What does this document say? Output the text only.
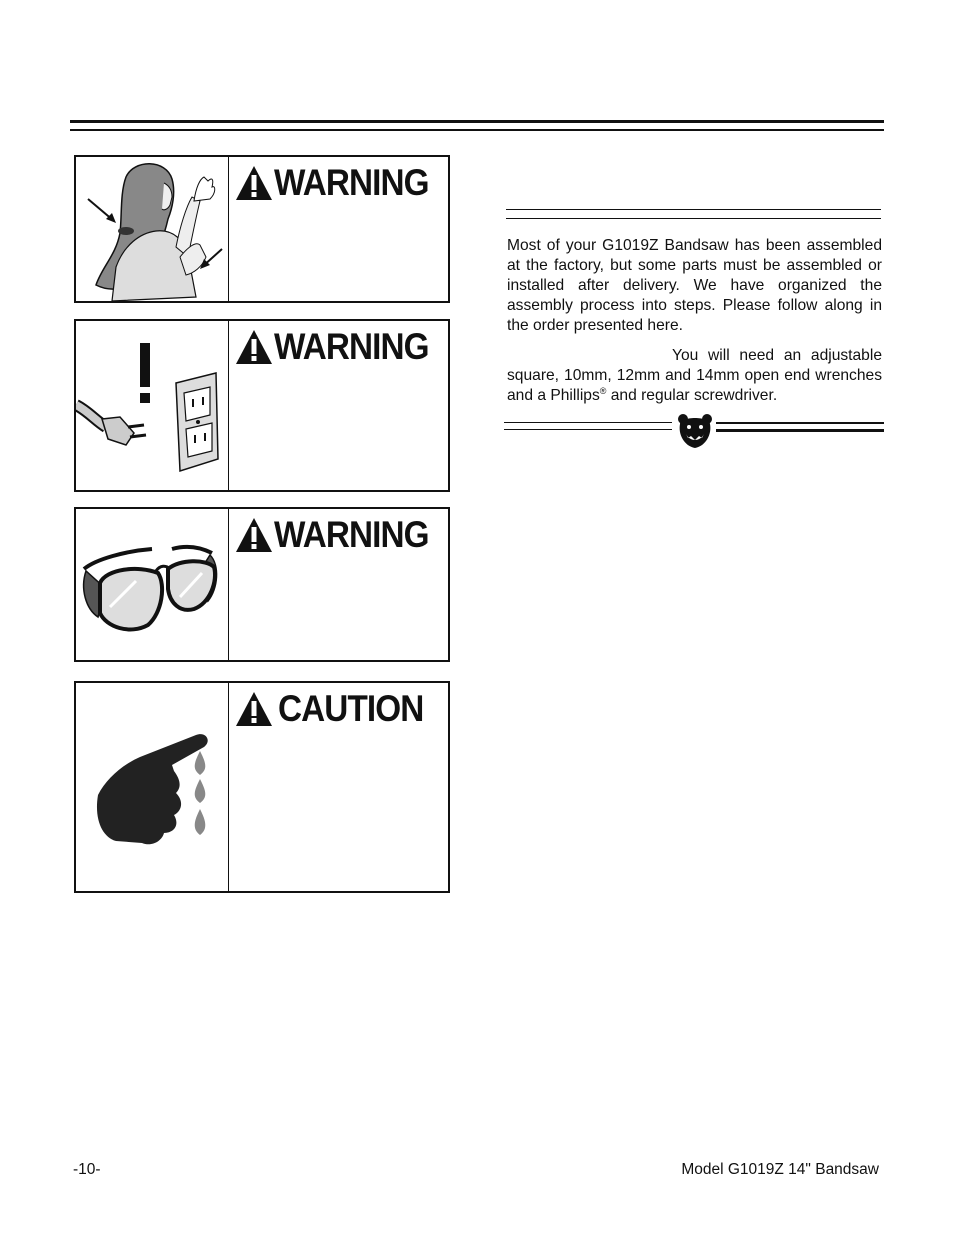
WARNING
WARNING
WARNING
CAUTION

Most of your G1019Z Bandsaw has been assembled at the factory, but some parts must be assembled or installed after delivery. We have organized the assembly process into steps. Please follow along in the order presented here.

You will need an adjustable square, 10mm, 12mm and 14mm open end wrenches and a Phillips® and regular screwdriver.

-10-	Model G1019Z 14" Bandsaw
